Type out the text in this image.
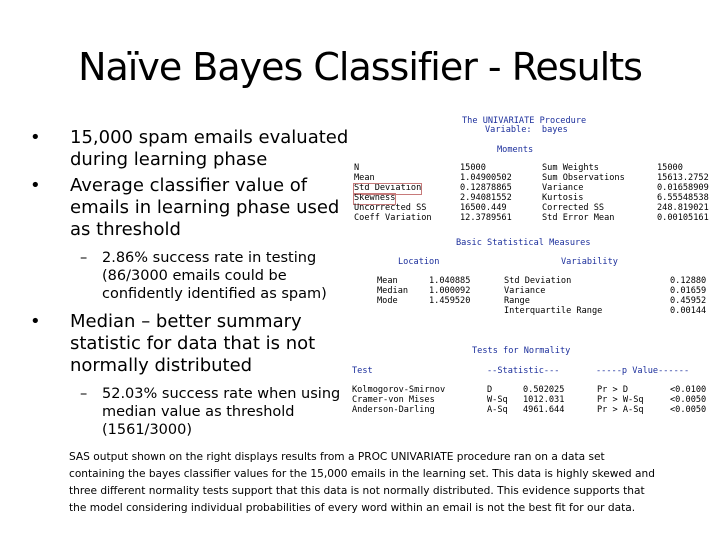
Naïve Bayes Classifier - Results
• 15,000 spam emails evaluated during learning phase
• Average classifier value of emails in learning phase used as threshold
– 2.86% success rate in testing (86/3000 emails could be confidently identified as spam)
• Median – better summary statistic for data that is not normally distributed
– 52.03% success rate when using median value as threshold (1561/3000)
The UNIVARIATE Procedure
Variable:  bayes
Moments
N	15000	Sum Weights	15000
Mean	1.04900502	Sum Observations	15613.2752
Std Deviation	0.12878865	Variance	0.01658909
Skewness	2.94081552	Kurtosis	6.55548538
Uncorrected SS	16500.449	Corrected SS	248.819021
Coeff Variation	12.3789561	Std Error Mean	0.00105161
Basic Statistical Measures
Location	Variability
Mean	1.040885	Std Deviation	0.12880
Median 1.000092	Variance	0.01659
Mode	1.459520	Range	0.45952
Interquartile Range	0.00144
Tests for Normality
Test	--Statistic---	-----p Value------
Kolmogorov-Smirnov	D	0.502025	Pr > D	<0.0100
Cramer-von Mises	W-Sq 1012.031	Pr > W-Sq	<0.0050
Anderson-Darling	A-Sq 4961.644	Pr > A-Sq	<0.0050
SAS output shown on the right displays results from a PROC UNIVARIATE procedure ran on a data set containing the bayes classifier values for the 15,000 emails in the learning set. This data is highly skewed and three different normality tests support that this data is not normally distributed. This evidence supports that the model considering individual probabilities of every word within an email is not the best fit for our data.
